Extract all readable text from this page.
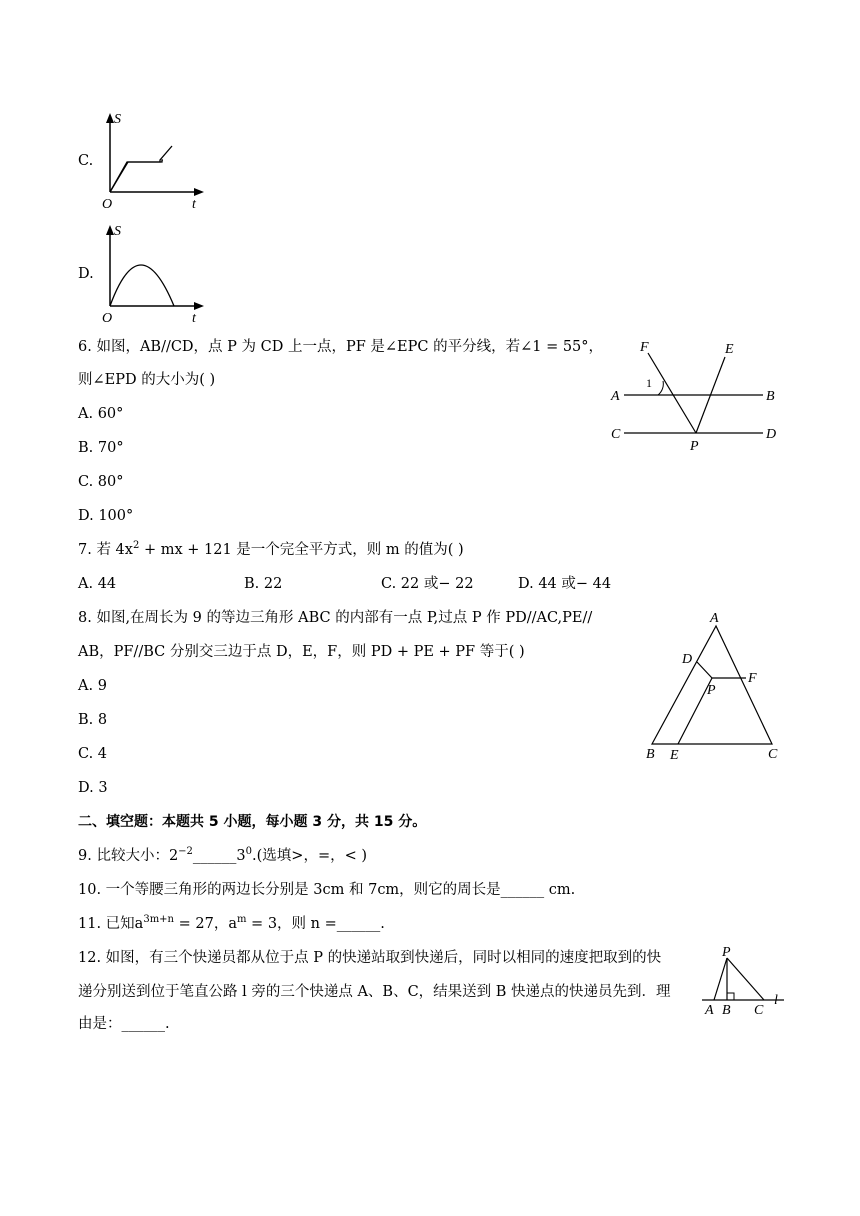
C.
S
t
O
D.
S
t
O
6. 如图，AB//CD，点 P 为 CD 上一点，PF 是∠EPC 的平分线，若∠1 = 55°，
则∠EPD 的大小为( )
A. 60°
B. 70°
C. 80°
D. 100°
F	E
A	B
C	D
P
1
7. 若 $4x^2$ + mx + 121 是一个完全平方式，则 m 的值为( )
A. 44	B. 22	C. 22 或− 22	D. 44 或− 44
8. 如图,在周长为 9 的等边三角形 ABC 的内部有一点 P,过点 P 作 PD//AC,PE//
AB，PF//BC 分别交三边于点 D，E，F，则 PD + PE + PF 等于( )
A. 9
B. 8
C. 4
D. 3
A
B	C
D
E
F
P
二、填空题：本题共 5 小题，每小题 3 分，共 15 分。
9. 比较大小：$2^{-2}\_\_\_\_\_\_3^0$.(选填>，=，< )
10. 一个等腰三角形的两边长分别是 3cm 和 7cm，则它的周长是______ cm.
11. 已知$a^{3m+n} = 27$，$a^m = 3$，则 n =______.
12. 如图，有三个快递员都从位于点 P 的快递站取到快递后，同时以相同的速度把取到的快
递分别送到位于笔直公路 l 旁的三个快递点 A、B、C，结果送到 B 快递点的快递员先到．理
由是：______.
P
A B C
l
